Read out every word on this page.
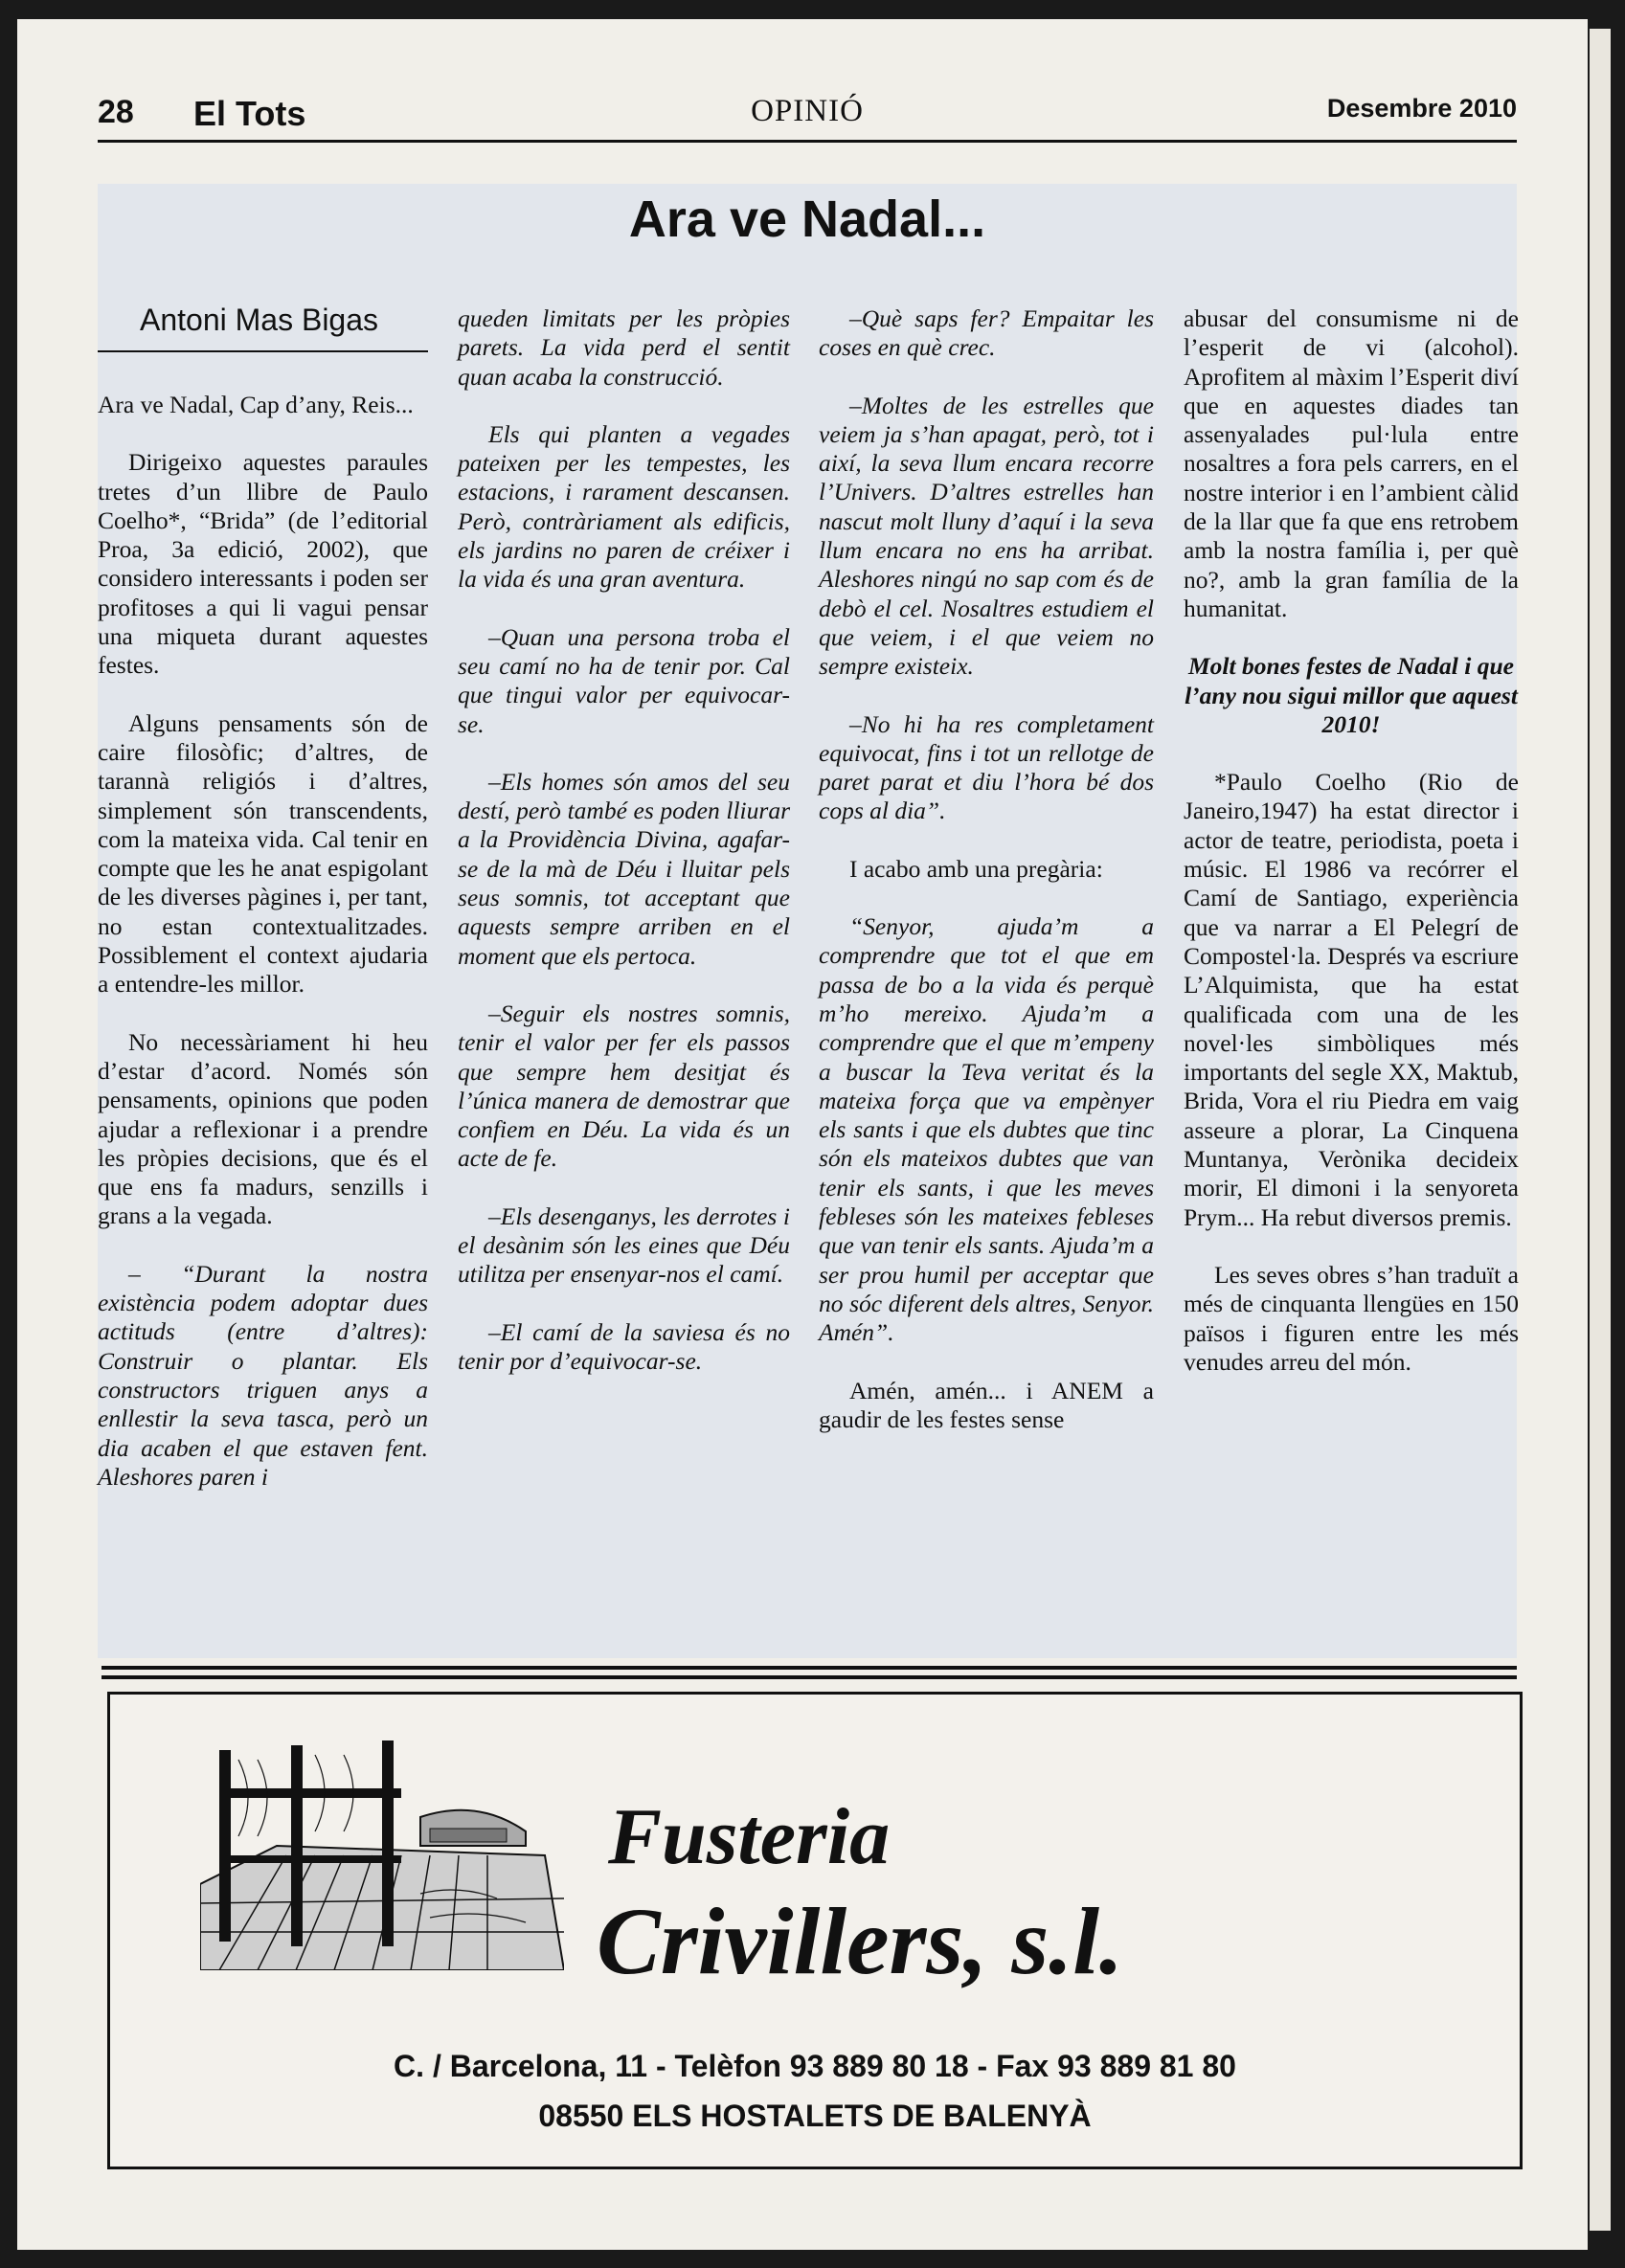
28 El Tots	OPINIÓ	Desembre 2010
Ara ve Nadal...
Antoni Mas Bigas

Ara ve Nadal, Cap d’any, Reis...

Dirigeixo aquestes paraules tretes d’un llibre de Paulo Coelho*, “Brida” (de l’editorial Proa, 3a edició, 2002), que considero interessants i poden ser profitoses a qui li vagui pensar una miqueta durant aquestes festes.

Alguns pensaments són de caire filosòfic; d’altres, de tarannà religiós i d’altres, simplement són transcendents, com la mateixa vida. Cal tenir en compte que les he anat espigolant de les diverses pàgines i, per tant, no estan contextualitzades. Possiblement el context ajudaria a entendre-les millor.

No necessàriament hi heu d’estar d’acord. Només són pensaments, opinions que poden ajudar a reflexionar i a prendre les pròpies decisions, que és el que ens fa madurs, senzills i grans a la vegada.

– “Durant la nostra existència podem adoptar dues actituds (entre d’altres): Construir o plantar. Els constructors triguen anys a enllestir la seva tasca, però un dia acaben el que estaven fent. Aleshores paren i

queden limitats per les pròpies parets. La vida perd el sentit quan acaba la construcció.

Els qui planten a vegades pateixen per les tempestes, les estacions, i rarament descansen. Però, contràriament als edificis, els jardins no paren de créixer i la vida és una gran aventura.

–Quan una persona troba el seu camí no ha de tenir por. Cal que tingui valor per equivocar-se.

–Els homes són amos del seu destí, però també es poden lliurar a la Providència Divina, agafar-se de la mà de Déu i lluitar pels seus somnis, tot acceptant que aquests sempre arriben en el moment que els pertoca.

–Seguir els nostres somnis, tenir el valor per fer els passos que sempre hem desitjat és l’única manera de demostrar que confiem en Déu. La vida és un acte de fe.

–Els desenganys, les derrotes i el desànim són les eines que Déu utilitza per ensenyar-nos el camí.

–El camí de la saviesa és no tenir por d’equivocar-se.

–Què saps fer? Empaitar les coses en què crec.

–Moltes de les estrelles que veiem ja s’han apagat, però, tot i així, la seva llum encara recorre l’Univers. D’altres estrelles han nascut molt lluny d’aquí i la seva llum encara no ens ha arribat. Aleshores ningú no sap com és de debò el cel. Nosaltres estudiem el que veiem, i el que veiem no sempre existeix.

–No hi ha res completament equivocat, fins i tot un rellotge de paret parat et diu l’hora bé dos cops al dia”.

I acabo amb una pregària:

“Senyor, ajuda’m a comprendre que tot el que em passa de bo a la vida és perquè m’ho mereixo. Ajuda’m a comprendre que el que m’empeny a buscar la Teva veritat és la mateixa força que va empènyer els sants i que els dubtes que tinc són els mateixos dubtes que van tenir els sants, i que les meves febleses són les mateixes febleses que van tenir els sants. Ajuda’m a ser prou humil per acceptar que no sóc diferent dels altres, Senyor. Amén”.

Amén, amén... i ANEM a gaudir de les festes sense

abusar del consumisme ni de l’esperit de vi (alcohol). Aprofitem al màxim l’Esperit diví que en aquestes diades tan assenyalades pul·lula entre nosaltres a fora pels carrers, en el nostre interior i en l’ambient càlid de la llar que fa que ens retrobem amb la nostra família i, per què no?, amb la gran família de la humanitat.

Molt bones festes de Nadal i que l’any nou sigui millor que aquest 2010!

*Paulo Coelho (Rio de Janeiro,1947) ha estat director i actor de teatre, periodista, poeta i músic. El 1986 va recórrer el Camí de Santiago, experiència que va narrar a El Pelegrí de Compostel·la. Després va escriure L’Alquimista, que ha estat qualificada com una de les novel·les simbòliques més importants del segle XX, Maktub, Brida, Vora el riu Piedra em vaig asseure a plorar, La Cinquena Muntanya, Verònika decideix morir, El dimoni i la senyoreta Prym... Ha rebut diversos premis.

Les seves obres s’han traduït a més de cinquanta llengües en 150 països i figuren entre les més venudes arreu del món.

Fusteria
Crivillers, s.l.
C. / Barcelona, 11 - Telèfon 93 889 80 18 - Fax 93 889 81 80
08550 ELS HOSTALETS DE BALENYÀ
